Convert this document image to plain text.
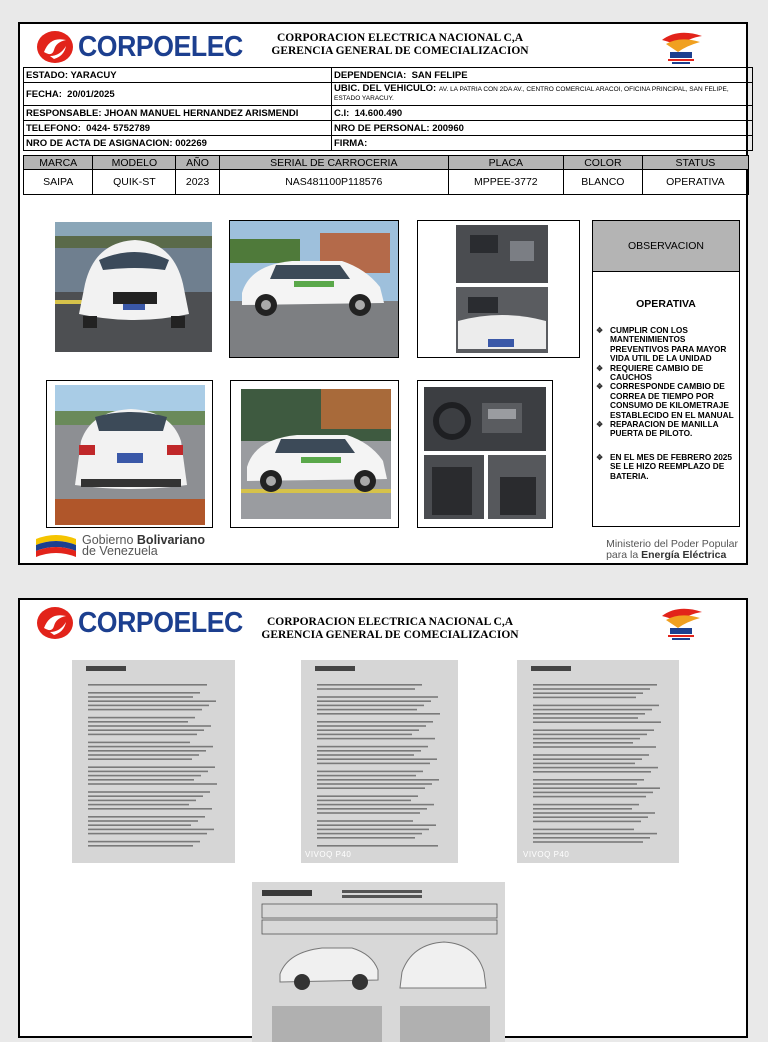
CORPOELEC	CORPORACION ELECTRICA NACIONAL C,A
GERENCIA GENERAL DE COMECIALIZACION
ESTADO: YARACUY	DEPENDENCIA: SAN FELIPE
FECHA: 20/01/2025	UBIC. DEL VEHICULO: AV. LA PATRIA CON 2DA AV., CENTRO COMERCIAL ARACOI, OFICINA PRINCIPAL, SAN FELIPE, ESTADO YARACUY.
RESPONSABLE: JHOAN MANUEL HERNANDEZ ARISMENDI	C.I: 14.600.490
TELEFONO: 0424- 5752789	NRO DE PERSONAL: 200960
NRO DE ACTA DE ASIGNACION: 002269	FIRMA:
MARCA	MODELO	AÑO	SERIAL DE CARROCERIA	PLACA	COLOR	STATUS
SAIPA	QUIK-ST	2023	NAS481100P118576	MPPEE-3772	BLANCO	OPERATIVA
OBSERVACION
OPERATIVA
❖ CUMPLIR CON LOS MANTENIMIENTOS PREVENTIVOS PARA MAYOR VIDA UTIL DE LA UNIDAD
❖ REQUIERE CAMBIO DE CAUCHOS
❖ CORRESPONDE CAMBIO DE CORREA DE TIEMPO POR CONSUMO DE KILOMETRAJE ESTABLECIDO EN EL MANUAL
❖ REPARACION DE MANILLA PUERTA DE PILOTO.
❖ EN EL MES DE FEBRERO 2025 SE LE HIZO REEMPLAZO DE BATERIA.
Gobierno Bolivariano
de Venezuela	Ministerio del Poder Popular
para la Energía Eléctrica
CORPOELEC	CORPORACION ELECTRICA NACIONAL C,A
GERENCIA GENERAL DE COMECIALIZACION
VIVOQ P40	VIVOQ P40
